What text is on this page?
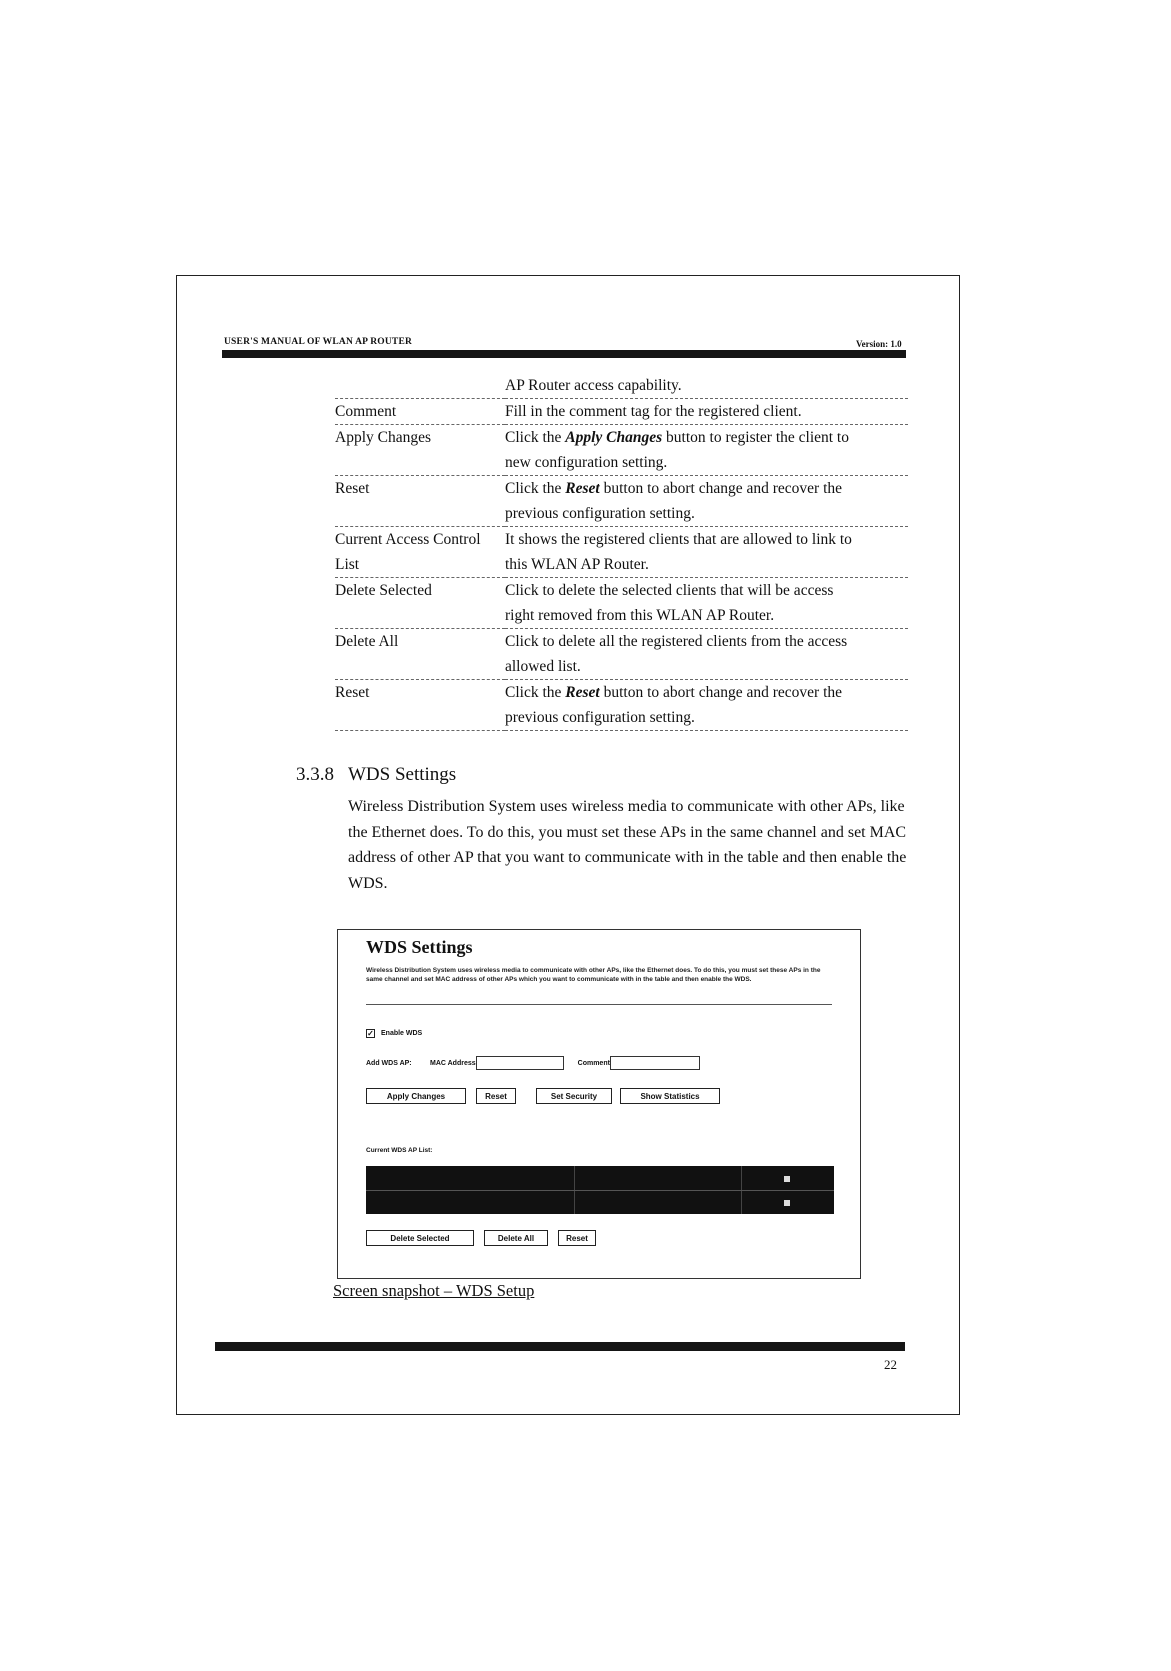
USER'S MANUAL OF WLAN AP ROUTER	Version: 1.0
	AP Router access capability.
Comment	Fill in the comment tag for the registered client.
Apply Changes	Click the Apply Changes button to register the client to
new configuration setting.
Reset	Click the Reset button to abort change and recover the
previous configuration setting.
Current Access Control List	It shows the registered clients that are allowed to link to
this WLAN AP Router.
Delete Selected	Click to delete the selected clients that will be access
right removed from this WLAN AP Router.
Delete All	Click to delete all the registered clients from the access
allowed list.
Reset	Click the Reset button to abort change and recover the
previous configuration setting.
3.3.8 WDS Settings
Wireless Distribution System uses wireless media to communicate with other APs, like the Ethernet does. To do this, you must set these APs in the same channel and set MAC address of other AP that you want to communicate with in the table and then enable the WDS.
WDS Settings
Wireless Distribution System uses wireless media to communicate with other APs, like the Ethernet does. To do this, you must set these APs in the same channel and set MAC address of other APs which you want to communicate with in the table and then enable the WDS.
✓ Enable WDS
Add WDS AP:	MAC Address	Comment
Apply Changes	Reset	Set Security	Show Statistics
Current WDS AP List:
Delete Selected	Delete All	Reset
Screen snapshot – WDS Setup
22
